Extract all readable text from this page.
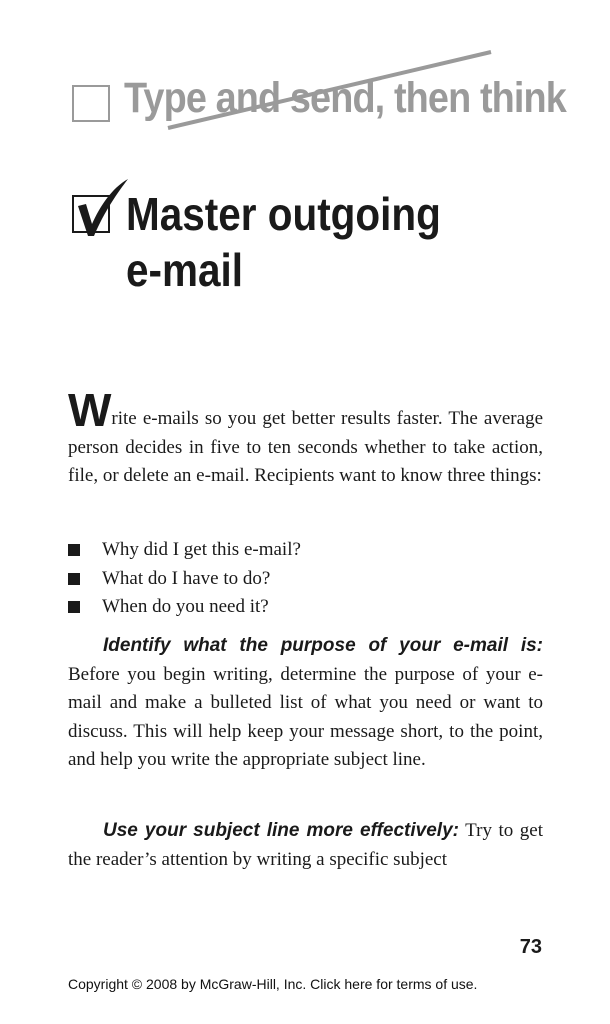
Type and send, then think
Master outgoing
e-mail

Write e-mails so you get better results faster. The average person decides in five to ten seconds whether to take action, file, or delete an e-mail. Recipients want to know three things:

Why did I get this e-mail?
What do I have to do?
When do you need it?

Identify what the purpose of your e-mail is: Before you begin writing, determine the purpose of your e-mail and make a bulleted list of what you need or want to discuss. This will help keep your message short, to the point, and help you write the appropriate subject line.

Use your subject line more effectively: Try to get the reader’s attention by writing a specific subject

73
Copyright © 2008 by McGraw-Hill, Inc. Click here for terms of use.
